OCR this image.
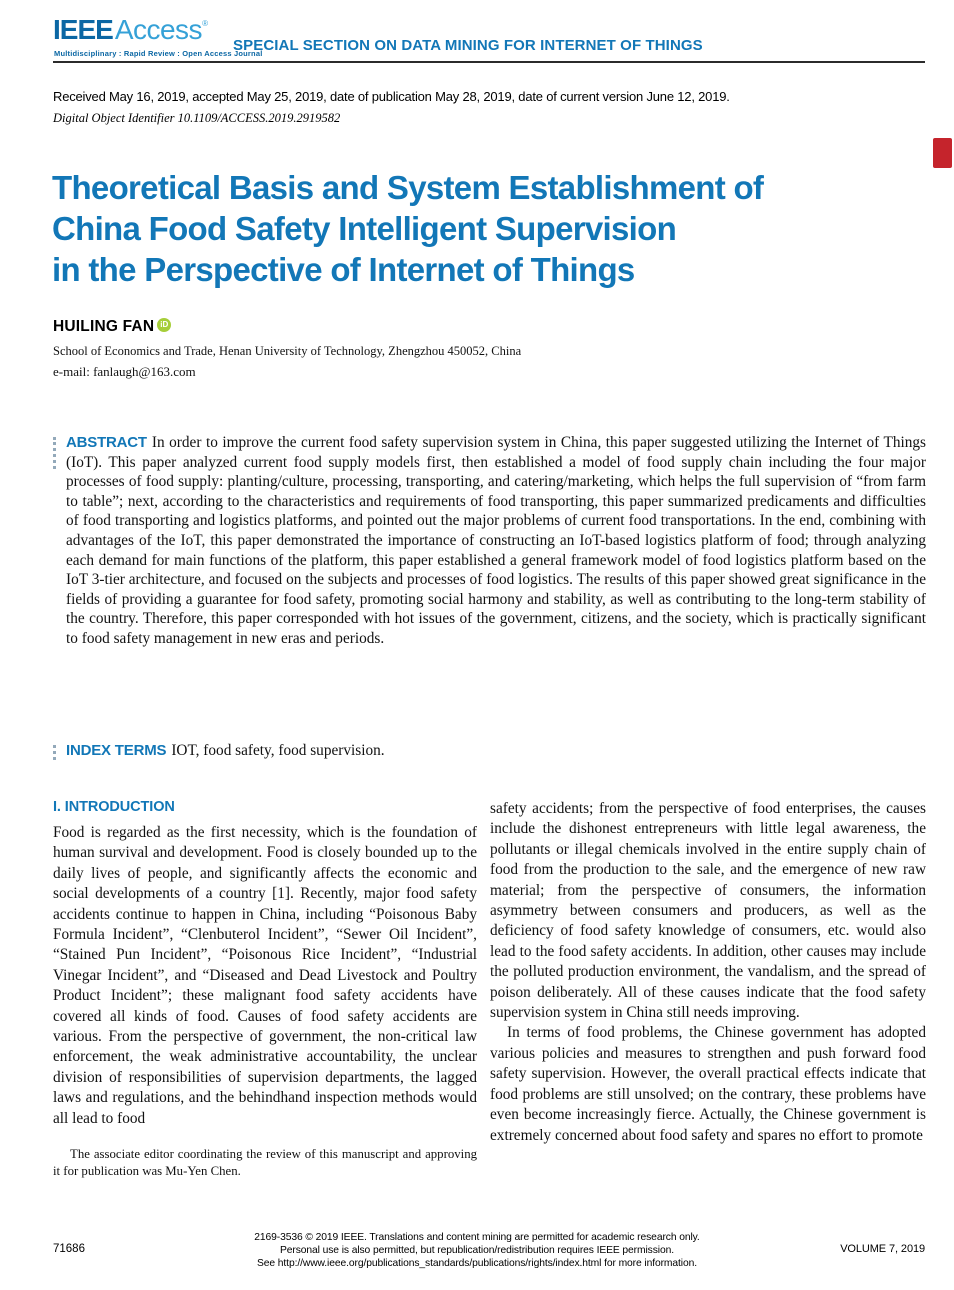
IEEEAccess®
Multidisciplinary : Rapid Review : Open Access Journal
SPECIAL SECTION ON DATA MINING FOR INTERNET OF THINGS
Received May 16, 2019, accepted May 25, 2019, date of publication May 28, 2019, date of current version June 12, 2019.
Digital Object Identifier 10.1109/ACCESS.2019.2919582
Theoretical Basis and System Establishment of
China Food Safety Intelligent Supervision
in the Perspective of Internet of Things
HUILING FAN iD
School of Economics and Trade, Henan University of Technology, Zhengzhou 450052, China
e-mail: fanlaugh@163.com
ABSTRACT In order to improve the current food safety supervision system in China, this paper suggested utilizing the Internet of Things (IoT). This paper analyzed current food supply models first, then established a model of food supply chain including the four major processes of food supply: planting/culture, processing, transporting, and catering/marketing, which helps the full supervision of “from farm to table”; next, according to the characteristics and requirements of food transporting, this paper summarized predicaments and difficulties of food transporting and logistics platforms, and pointed out the major problems of current food transportations. In the end, combining with advantages of the IoT, this paper demonstrated the importance of constructing an IoT-based logistics platform of food; through analyzing each demand for main functions of the platform, this paper established a general framework model of food logistics platform based on the IoT 3-tier architecture, and focused on the subjects and processes of food logistics. The results of this paper showed great significance in the fields of providing a guarantee for food safety, promoting social harmony and stability, as well as contributing to the long-term stability of the country. Therefore, this paper corresponded with hot issues of the government, citizens, and the society, which is practically significant to food safety management in new eras and periods.
INDEX TERMS IOT, food safety, food supervision.
I. INTRODUCTION

Food is regarded as the first necessity, which is the foundation of human survival and development. Food is closely bounded up to the daily lives of people, and significantly affects the economic and social developments of a country [1]. Recently, major food safety accidents continue to happen in China, including “Poisonous Baby Formula Incident”, “Clenbuterol Incident”, “Sewer Oil Incident”, “Stained Pun Incident”, “Poisonous Rice Incident”, “Industrial Vinegar Incident”, and “Diseased and Dead Livestock and Poultry Product Incident”; these malignant food safety accidents have covered all kinds of food. Causes of food safety accidents are various. From the perspective of government, the non-critical law enforcement, the weak administrative accountability, the unclear division of responsibilities of supervision departments, the lagged laws and regulations, and the behindhand inspection methods would all lead to food

The associate editor coordinating the review of this manuscript and approving it for publication was Mu-Yen Chen.

safety accidents; from the perspective of food enterprises, the causes include the dishonest entrepreneurs with little legal awareness, the pollutants or illegal chemicals involved in the entire supply chain of food from the production to the sale, and the emergence of new raw material; from the perspective of consumers, the information asymmetry between consumers and producers, as well as the deficiency of food safety knowledge of consumers, etc. would also lead to the food safety accidents. In addition, other causes may include the polluted production environment, the vandalism, and the spread of poison deliberately. All of these causes indicate that the food safety supervision system in China still needs improving.

In terms of food problems, the Chinese government has adopted various policies and measures to strengthen and push forward food safety supervision. However, the overall practical effects indicate that food problems are still unsolved; on the contrary, these problems have even become increasingly fierce. Actually, the Chinese government is extremely concerned about food safety and spares no effort to promote

71686
2169-3536 © 2019 IEEE. Translations and content mining are permitted for academic research only.
Personal use is also permitted, but republication/redistribution requires IEEE permission.
See http://www.ieee.org/publications_standards/publications/rights/index.html for more information.
VOLUME 7, 2019
